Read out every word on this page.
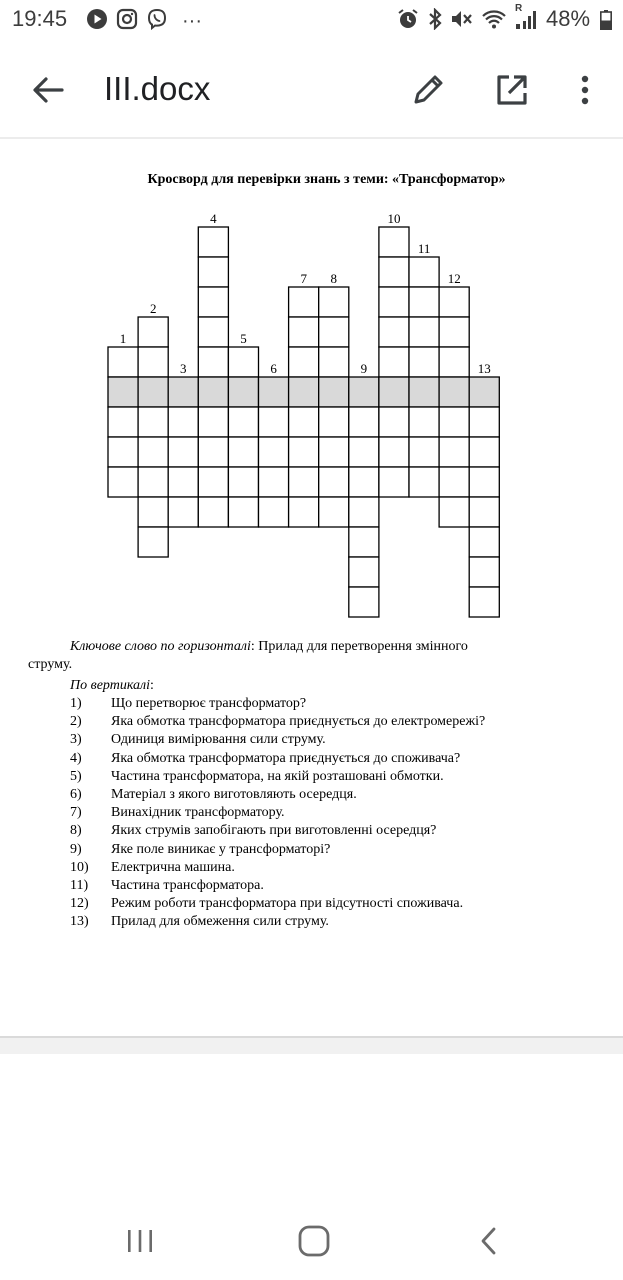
19:45	···
R 48%
III.docx
Кросворд для перевірки знань з теми: «Трансформатор»
1
2
3
4
5
6
7 8
9
10
11
12
13
Ключове слово по горизонталі: Прилад для перетворення змінного
струму.
По вертикалі:
1) Що перетворює трансформатор?
2) Яка обмотка трансформатора приєднується до електромережі?
3) Одиниця вимірювання сили струму.
4) Яка обмотка трансформатора приєднується до споживача?
5) Частина трансформатора, на якій розташовані обмотки.
6) Матеріал з якого виготовляють осередця.
7) Винахідник трансформатору.
8) Яких струмів запобігають при виготовленні осередця?
9) Яке поле виникає у трансформаторі?
10) Електрична машина.
11) Частина трансформатора.
12) Режим роботи трансформатора при відсутності споживача.
13) Прилад для обмеження сили струму.
